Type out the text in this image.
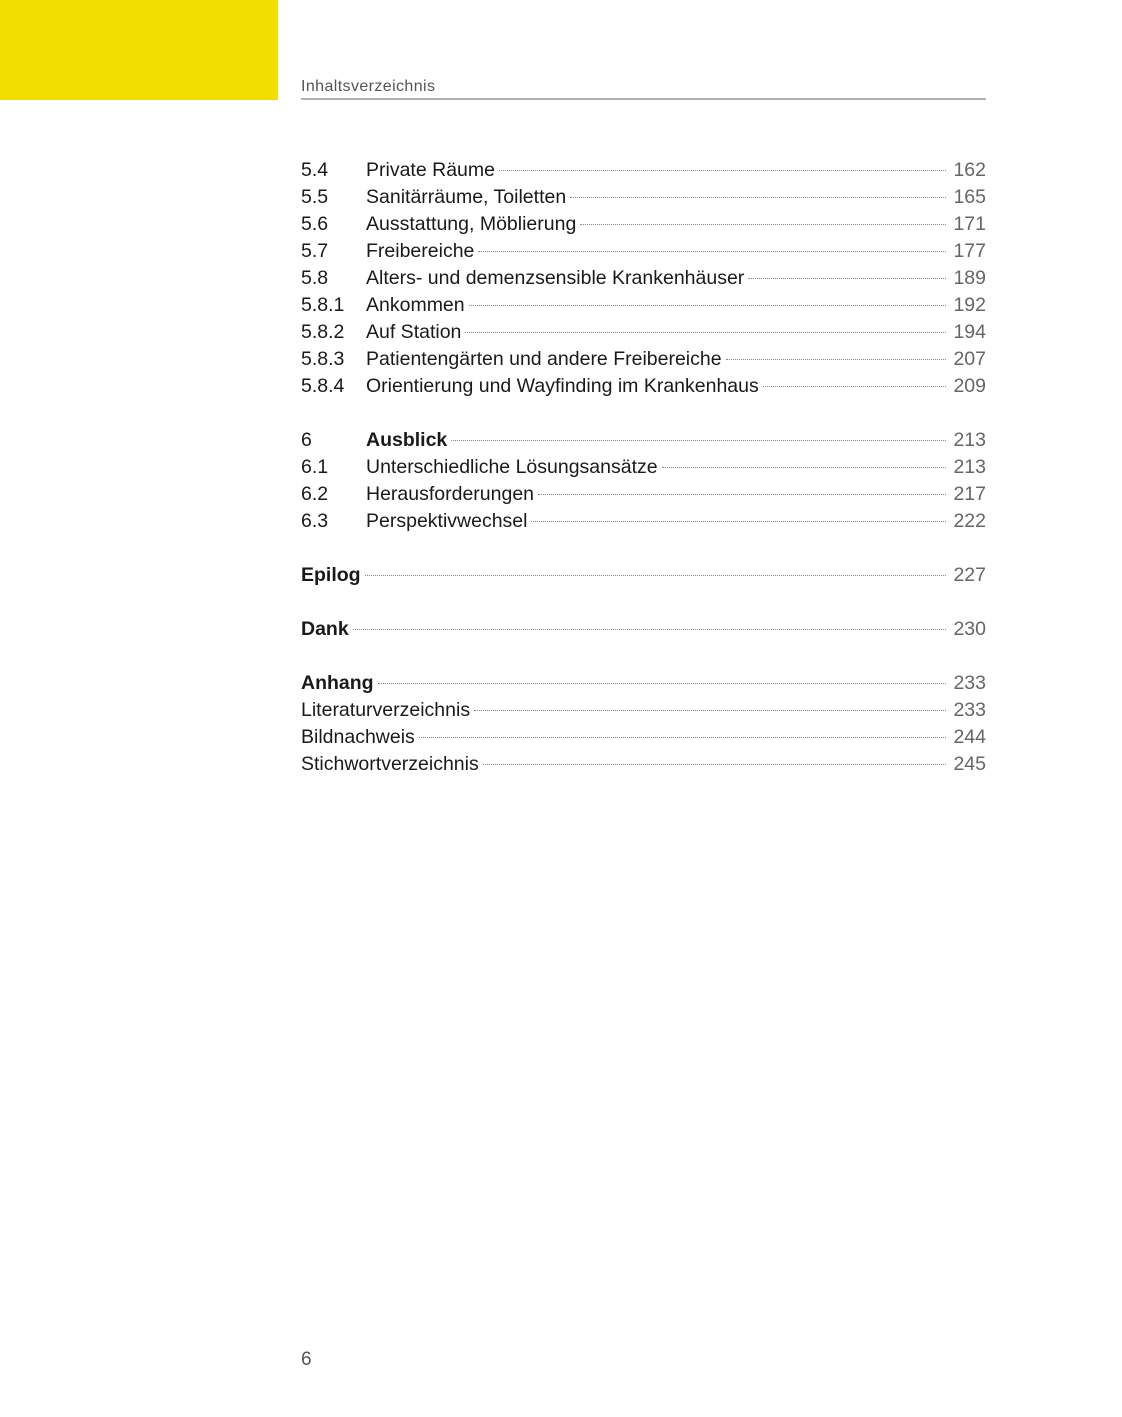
Inhaltsverzeichnis
5.4	Private Räume	162
5.5	Sanitärräume, Toiletten	165
5.6	Ausstattung, Möblierung	171
5.7	Freibereiche	177
5.8	Alters- und demenzsensible Krankenhäuser	189
5.8.1	Ankommen	192
5.8.2	Auf Station	194
5.8.3	Patientengärten und andere Freibereiche	207
5.8.4	Orientierung und Wayfinding im Krankenhaus	209
6	Ausblick	213
6.1	Unterschiedliche Lösungsansätze	213
6.2	Herausforderungen	217
6.3	Perspektivwechsel	222
Epilog	227
Dank	230
Anhang	233
Literaturverzeichnis	233
Bildnachweis	244
Stichwortverzeichnis	245
6
